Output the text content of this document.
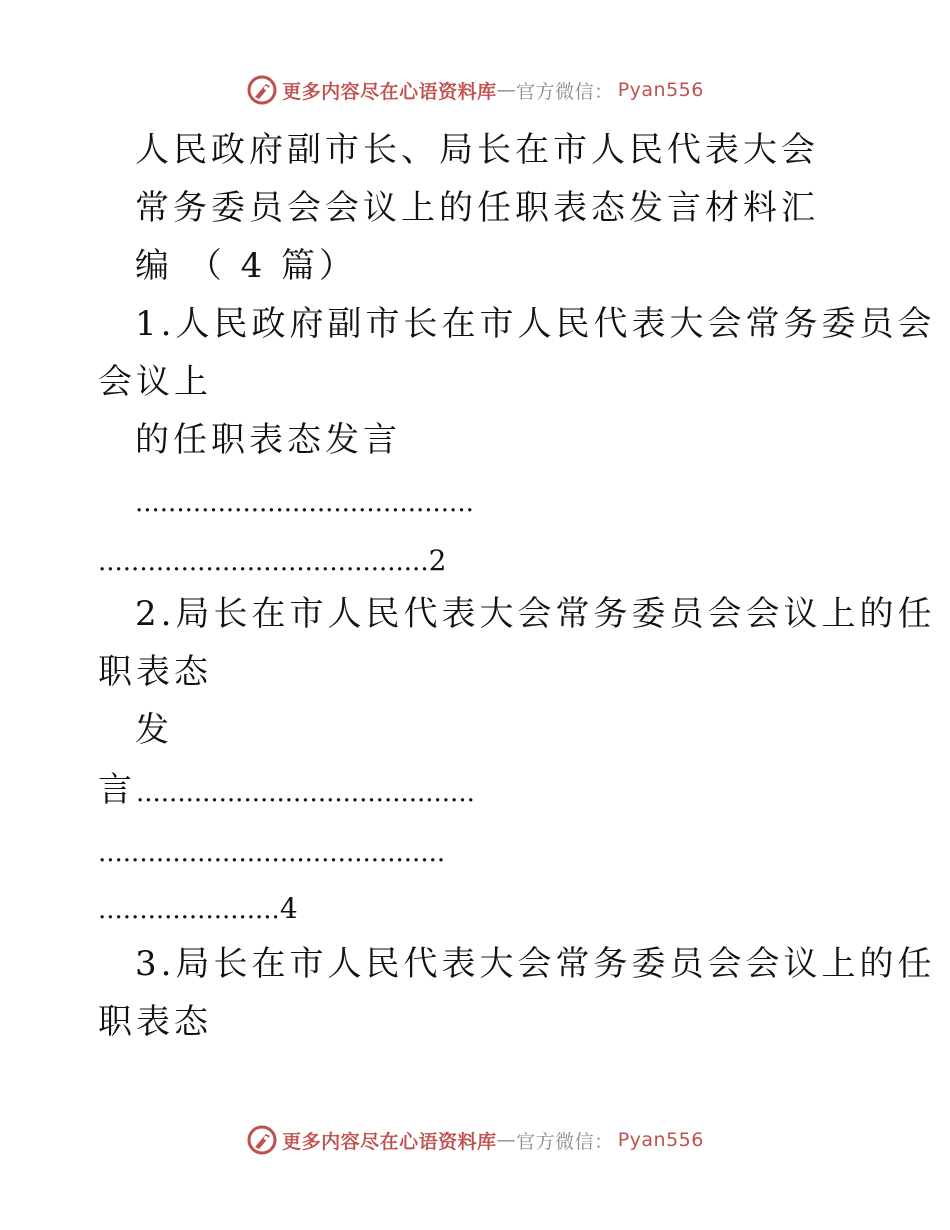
更多内容尽在心语资料库 — 官方微信： Pyan556
人民政府副市长、局长在市人民代表大会
常务委员会会议上的任职表态发言材料汇
编 （ 4 篇）
1.人民政府副市长在市人民代表大会常务委员会
会议上
的任职表态发言
.........................................
........................................2
2.局长在市人民代表大会常务委员会会议上的任
职表态
发
言.........................................
..........................................
......................4
3.局长在市人民代表大会常务委员会会议上的任
职表态
更多内容尽在心语资料库 — 官方微信： Pyan556
